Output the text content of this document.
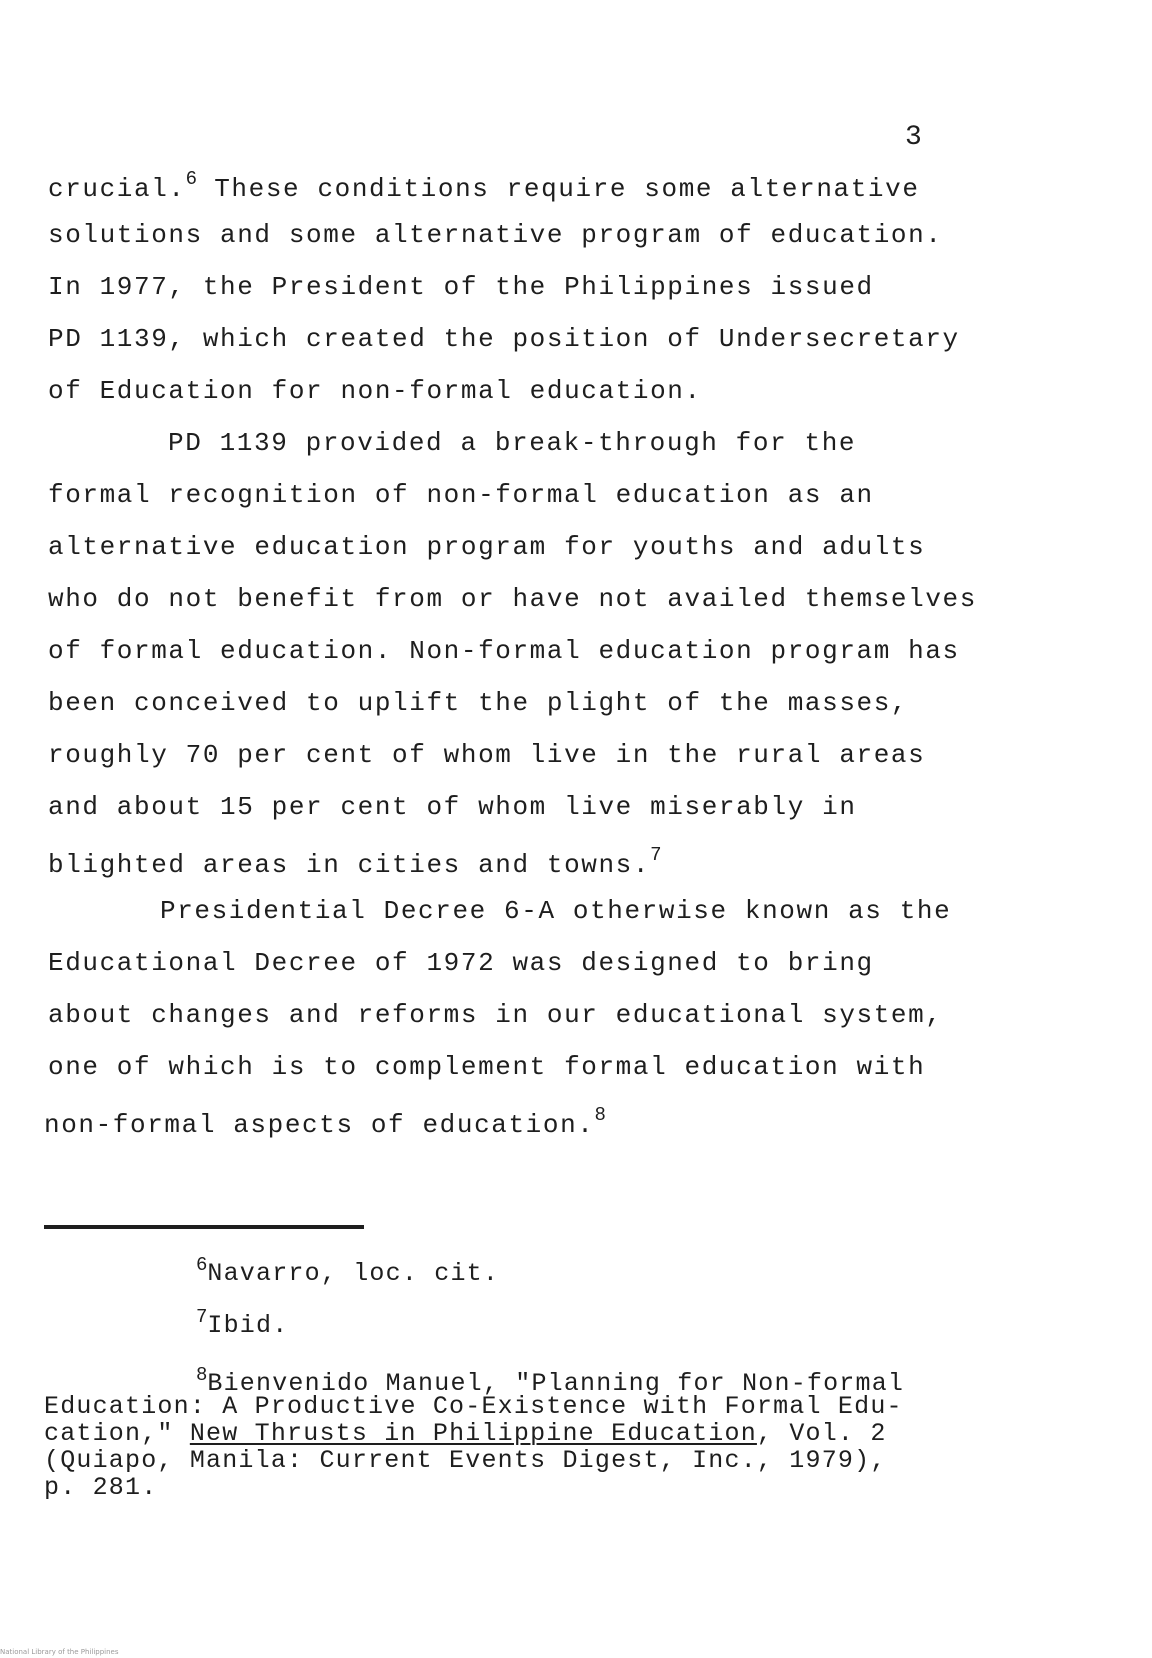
3
crucial.$^6$ These conditions require some alternative
solutions and some alternative program of education.
In 1977, the President of the Philippines issued
PD 1139, which created the position of Undersecretary
of Education for non-formal education.
PD 1139 provided a break-through for the
formal recognition of non-formal education as an
alternative education program for youths and adults
who do not benefit from or have not availed themselves
of formal education. Non-formal education program has
been conceived to uplift the plight of the masses,
roughly 70 per cent of whom live in the rural areas
and about 15 per cent of whom live miserably in
blighted areas in cities and towns.$^7$
Presidential Decree 6-A otherwise known as the
Educational Decree of 1972 was designed to bring
about changes and reforms in our educational system,
one of which is to complement formal education with
non-formal aspects of education.$^8$
$^6$Navarro, loc. cit.
$^7$Ibid.
$^8$Bienvenido Manuel, "Planning for Non-formal
Education: A Productive Co-Existence with Formal Edu-
cation," New Thrusts in Philippine Education, Vol. 2
(Quiapo, Manila: Current Events Digest, Inc., 1979),
p. 281.
National Library of the Philippines
